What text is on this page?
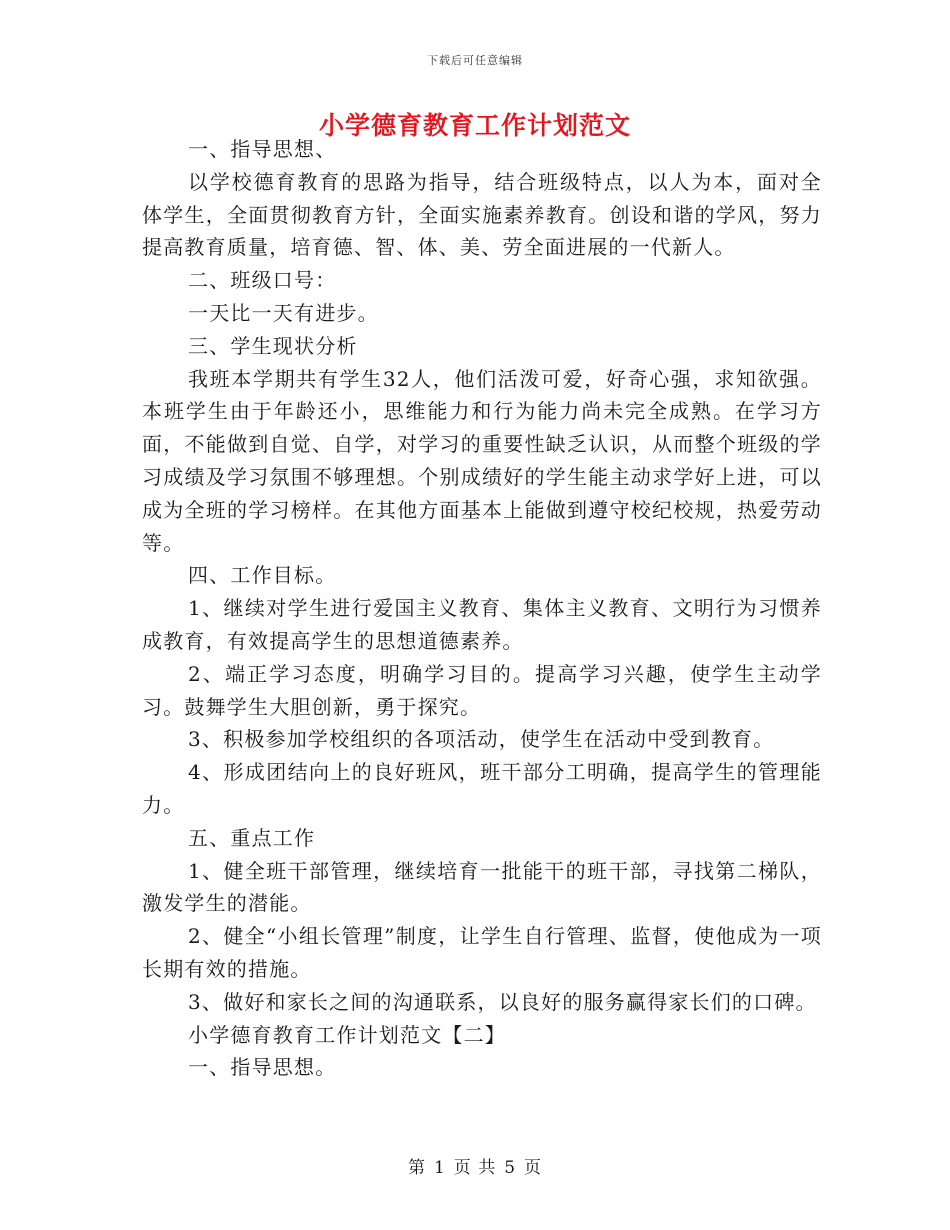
下载后可任意编辑
小学德育教育工作计划范文

一、指导思想、

以学校德育教育的思路为指导，结合班级特点，以人为本，面对全体学生，全面贯彻教育方针，全面实施素养教育。创设和谐的学风，努力提高教育质量，培育德、智、体、美、劳全面进展的一代新人。

二、班级口号：

一天比一天有进步。

三、学生现状分析

我班本学期共有学生32人，他们活泼可爱，好奇心强，求知欲强。本班学生由于年龄还小，思维能力和行为能力尚未完全成熟。在学习方面，不能做到自觉、自学，对学习的重要性缺乏认识，从而整个班级的学习成绩及学习氛围不够理想。个别成绩好的学生能主动求学好上进，可以成为全班的学习榜样。在其他方面基本上能做到遵守校纪校规，热爱劳动等。

四、工作目标。

1、继续对学生进行爱国主义教育、集体主义教育、文明行为习惯养成教育，有效提高学生的思想道德素养。

2、端正学习态度，明确学习目的。提高学习兴趣，使学生主动学习。鼓舞学生大胆创新，勇于探究。

3、积极参加学校组织的各项活动，使学生在活动中受到教育。

4、形成团结向上的良好班风，班干部分工明确，提高学生的管理能力。

五、重点工作

1、健全班干部管理，继续培育一批能干的班干部，寻找第二梯队，激发学生的潜能。

2、健全“小组长管理”制度，让学生自行管理、监督，使他成为一项长期有效的措施。

3、做好和家长之间的沟通联系，以良好的服务赢得家长们的口碑。

小学德育教育工作计划范文【二】

一、指导思想。

第 1 页 共 5 页
